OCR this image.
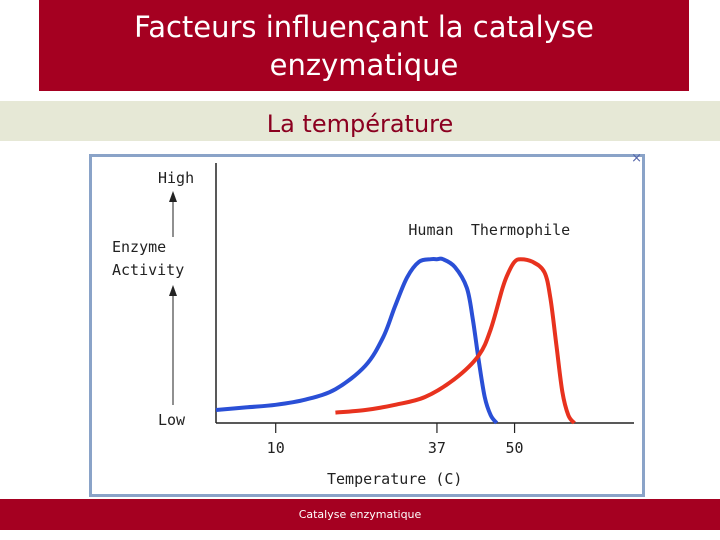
Facteurs influençant la catalyse
enzymatique
La température
×
High
Enzyme
Activity
Low
Temperature (C)
10	37	50
Human Thermophile
Catalyse enzymatique
